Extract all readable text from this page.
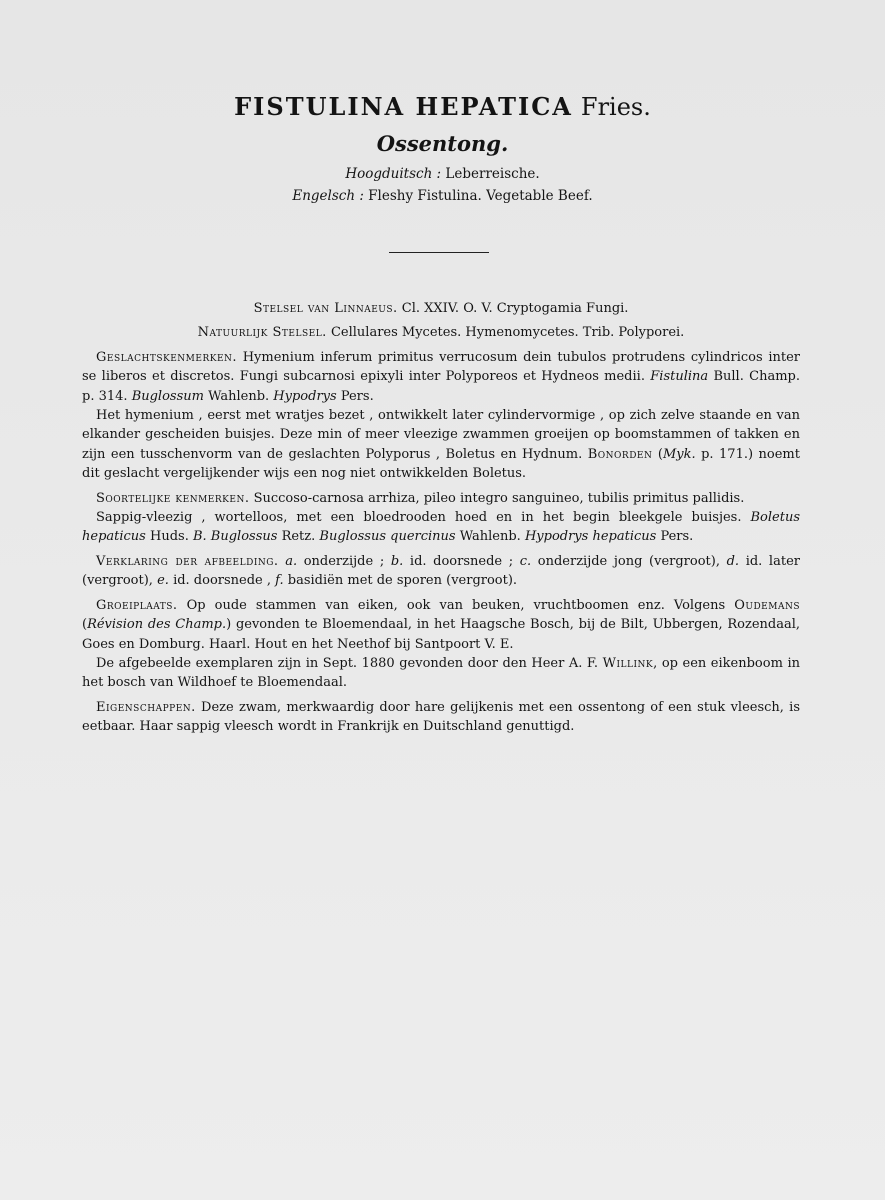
FISTULINA HEPATICA Fries.
Ossentong.
Hoogduitsch : Leberreische.
Engelsch : Fleshy Fistulina. Vegetable Beef.

Stelsel van Linnaeus. Cl. XXIV. O. V. Cryptogamia Fungi.

Natuurlijk Stelsel. Cellulares Mycetes. Hymenomycetes. Trib. Polyporei.

Geslachtskenmerken. Hymenium inferum primitus verrucosum dein tubulos protrudens cylindricos inter se liberos et discretos. Fungi subcarnosi epixyli inter Polyporeos et Hydneos medii. Fistulina Bull. Champ. p. 314. Buglossum Wahlenb. Hypodrys Pers.

Het hymenium , eerst met wratjes bezet , ontwikkelt later cylindervormige , op zich zelve staande en van elkander gescheiden buisjes. Deze min of meer vleezige zwammen groeijen op boomstammen of takken en zijn een tusschenvorm van de geslachten Polyporus , Boletus en Hydnum. Bonorden (Myk. p. 171.) noemt dit geslacht vergelijkender wijs een nog niet ontwikkelden Boletus.

Soortelijke kenmerken. Succoso-carnosa arrhiza, pileo integro sanguineo, tubilis primitus pallidis.

Sappig-vleezig , wortelloos, met een bloedrooden hoed en in het begin bleekgele buisjes. Boletus hepaticus Huds. B. Buglossus Retz. Buglossus quercinus Wahlenb. Hypodrys hepaticus Pers.

Verklaring der afbeelding. a. onderzijde ; b. id. doorsnede ; c. onderzijde jong (vergroot), d. id. later (vergroot), e. id. doorsnede , f. basidiën met de sporen (vergroot).

Groeiplaats. Op oude stammen van eiken, ook van beuken, vruchtboomen enz. Volgens Oudemans (Révision des Champ.) gevonden te Bloemendaal, in het Haagsche Bosch, bij de Bilt, Ubbergen, Rozendaal, Goes en Domburg. Haarl. Hout en het Neethof bij Santpoort V. E.

De afgebeelde exemplaren zijn in Sept. 1880 gevonden door den Heer A. F. Willink, op een eikenboom in het bosch van Wildhoef te Bloemendaal.

Eigenschappen. Deze zwam, merkwaardig door hare gelijkenis met een ossentong of een stuk vleesch, is eetbaar. Haar sappig vleesch wordt in Frankrijk en Duitschland genuttigd.
